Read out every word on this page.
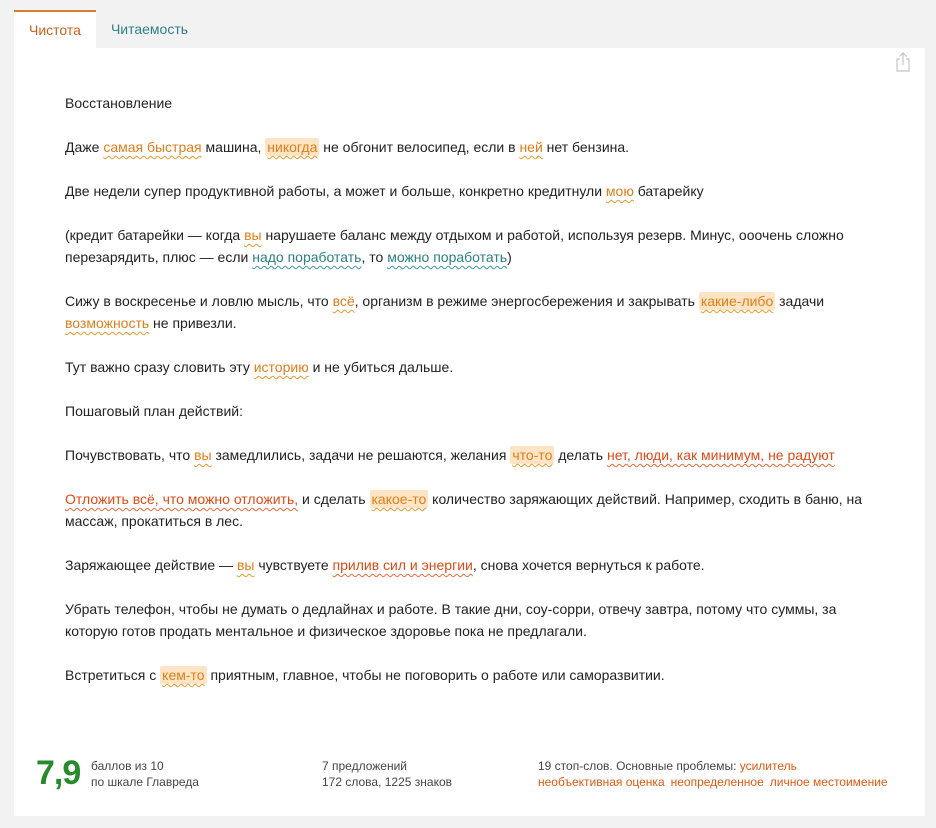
Чистота	Читаемость

Восстановление

Даже самая быстрая машина, никогда не обгонит велосипед, если в ней нет бензина.

Две недели супер продуктивной работы, а может и больше, конкретно кредитнули мою батарейку

(кредит батарейки — когда вы нарушаете баланс между отдыхом и работой, используя резерв. Минус, ооочень сложно перезарядить, плюс — если надо поработать, то можно поработать)

Сижу в воскресенье и ловлю мысль, что всё, организм в режиме энергосбережения и закрывать какие-либо задачи возможность не привезли.

Тут важно сразу словить эту историю и не убиться дальше.

Пошаговый план действий:

Почувствовать, что вы замедлились, задачи не решаются, желания что-то делать нет, люди, как минимум, не радуют

Отложить всё, что можно отложить, и сделать какое-то количество заряжающих действий. Например, сходить в баню, на массаж, прокатиться в лес.

Заряжающее действие — вы чувствуете прилив сил и энергии, снова хочется вернуться к работе.

Убрать телефон, чтобы не думать о дедлайнах и работе. В такие дни, соу-сорри, отвечу завтра, потому что суммы, за которую готов продать ментальное и физическое здоровье пока не предлагали.

Встретиться с кем-то приятным, главное, чтобы не поговорить о работе или саморазвитии.

7,9 баллов из 10
по шкале Главреда
7 предложений
172 слова, 1225 знаков
19 стоп-слов. Основные проблемы: усилитель
необъективная оценка неопределенное личное местоимение
